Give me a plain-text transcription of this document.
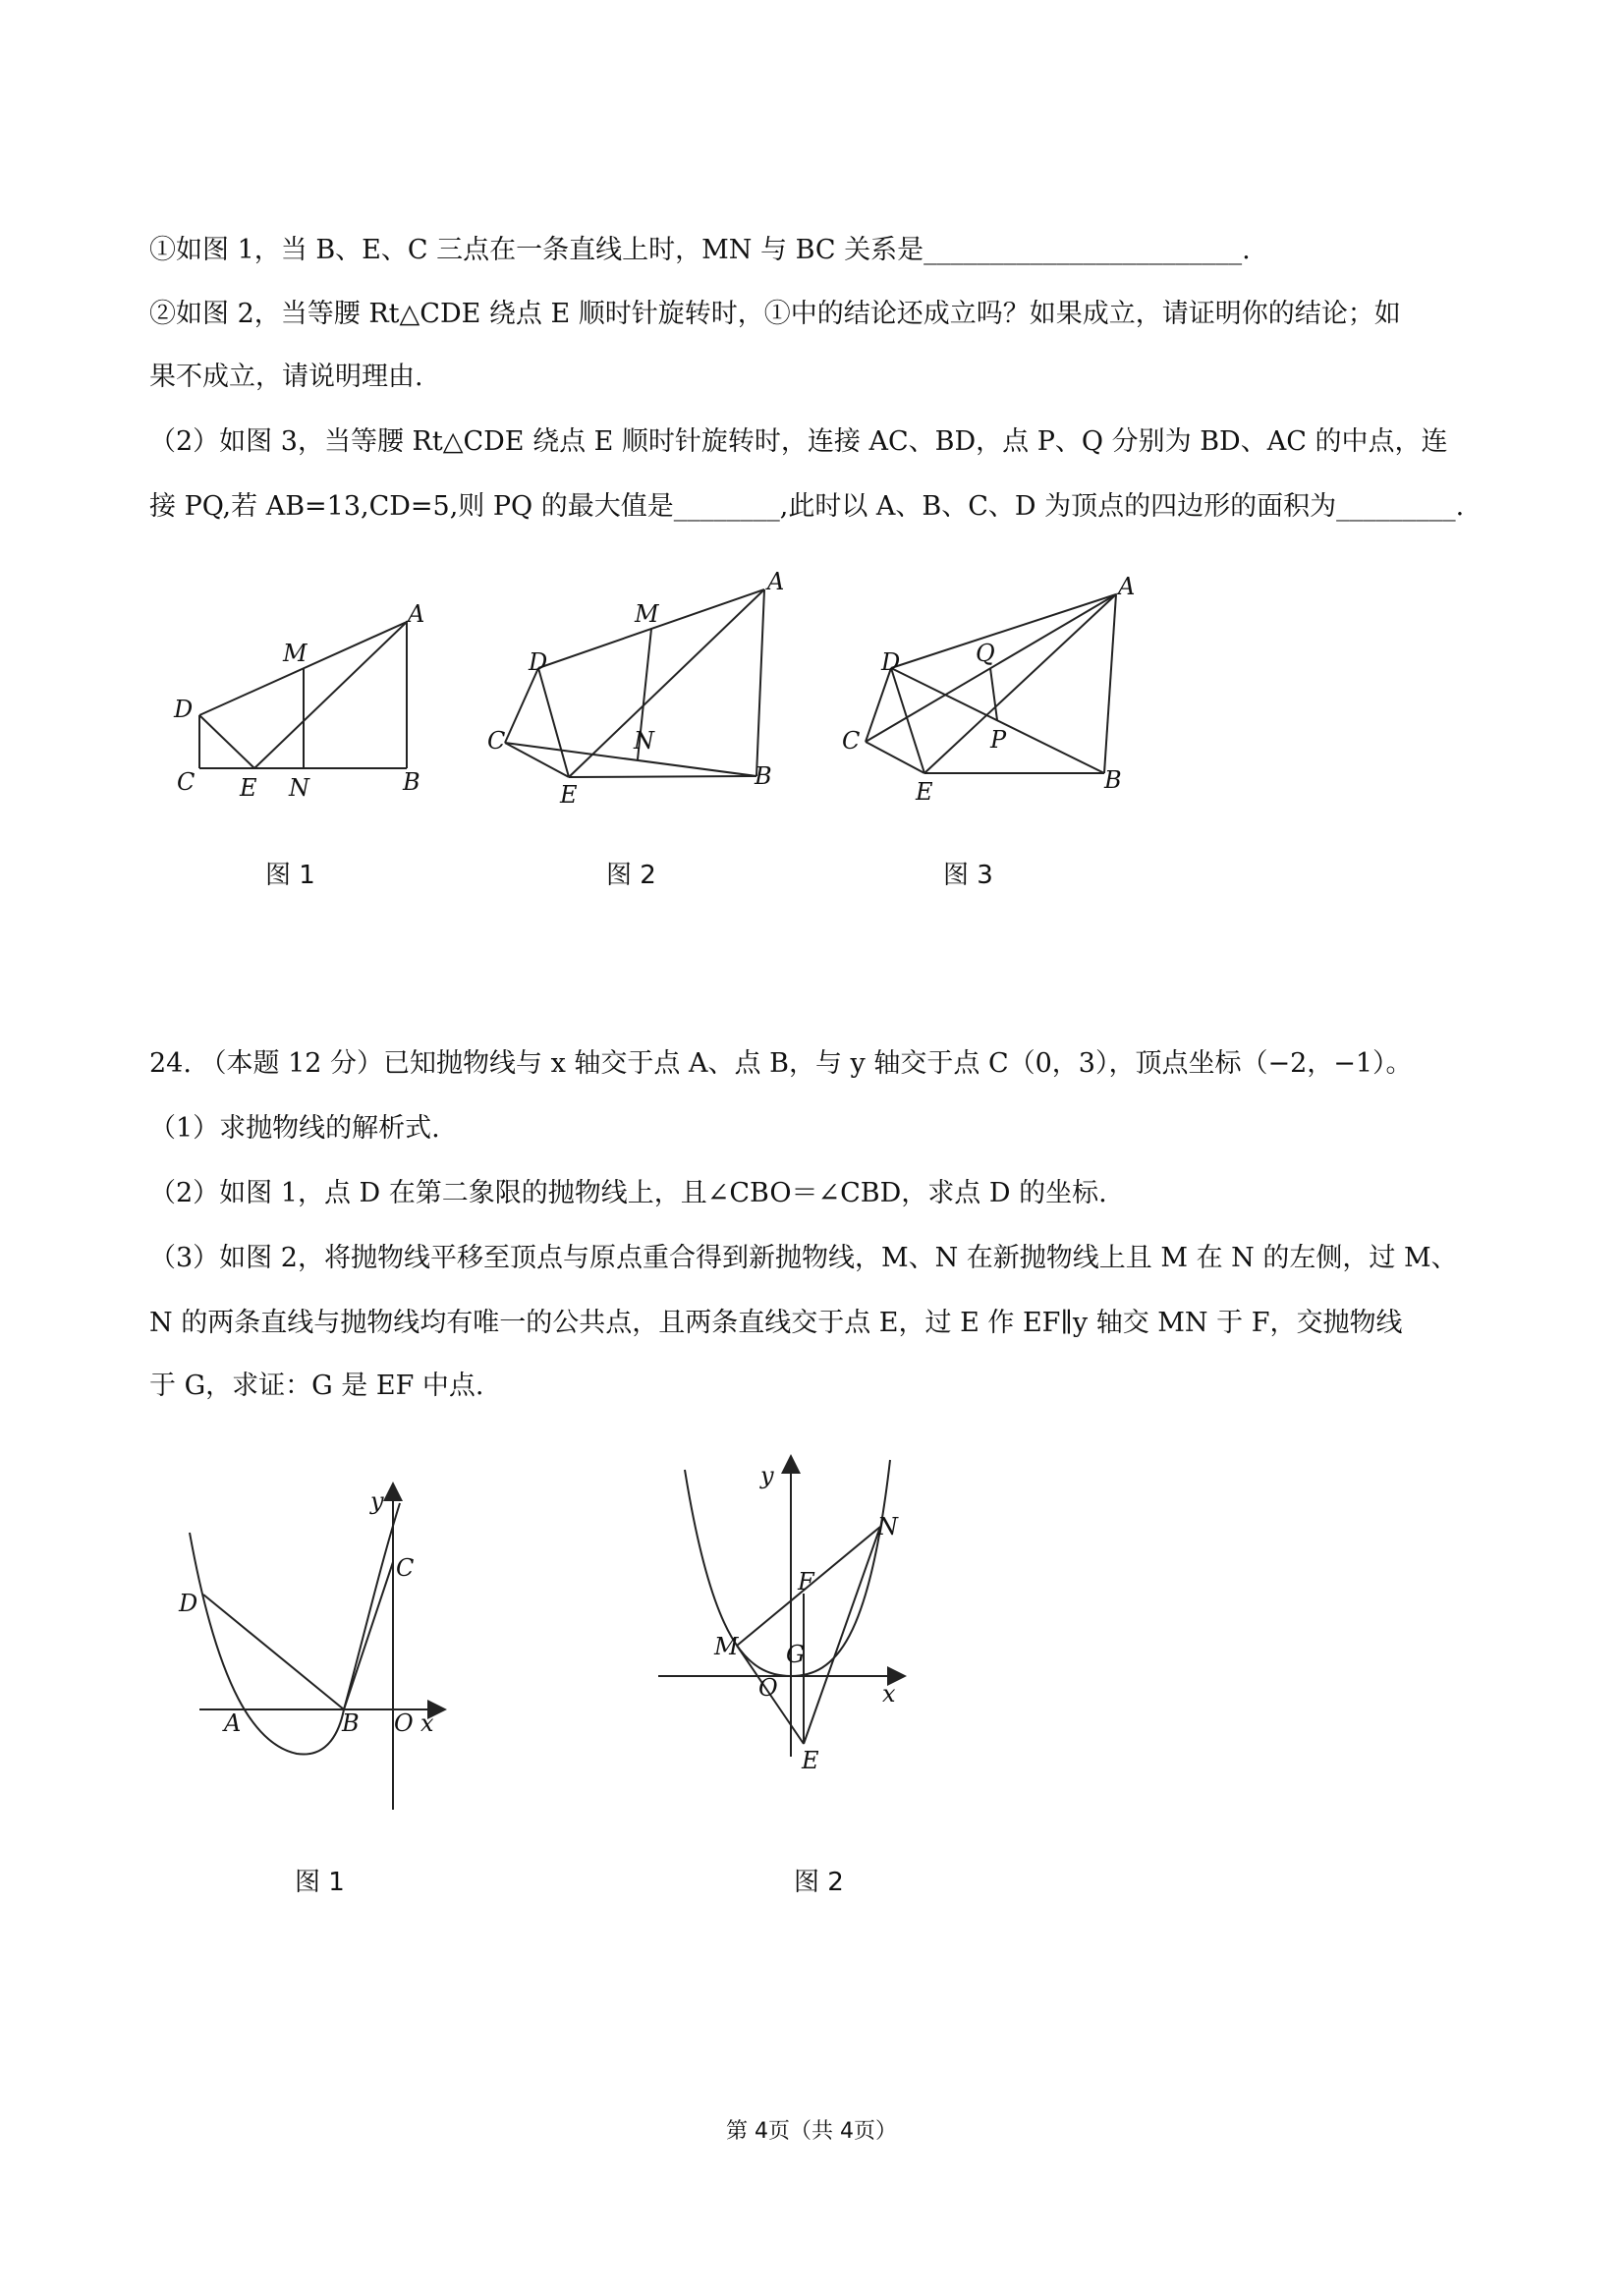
①如图 1，当 B、E、C 三点在一条直线上时，MN 与 BC 关系是________________________.
②如图 2，当等腰 Rt△CDE 绕点 E 顺时针旋转时，①中的结论还成立吗？如果成立，请证明你的结论；如
果不成立，请说明理由.
（2）如图 3，当等腰 Rt△CDE 绕点 E 顺时针旋转时，连接 AC、BD，点 P、Q 分别为 BD、AC 的中点，连
接 PQ,若 AB=13,CD=5,则 PQ 的最大值是________,此时以 A、B、C、D 为顶点的四边形的面积为_________.
A
M
D
C E N	B
A
M
D
C	N
E
B
A
Q
D
C	P
E	B
图 1	图 2	图 3
24. （本题 12 分）已知抛物线与 x 轴交于点 A、点 B，与 y 轴交于点 C（0，3），顶点坐标（−2，−1）。
（1）求抛物线的解析式.
（2）如图 1，点 D 在第二象限的抛物线上，且∠CBO＝∠CBD，求点 D 的坐标.
（3）如图 2，将抛物线平移至顶点与原点重合得到新抛物线，M、N 在新抛物线上且 M 在 N 的左侧，过 M、
N 的两条直线与抛物线均有唯一的公共点，且两条直线交于点 E，过 E 作 EF∥y 轴交 MN 于 F，交抛物线
于 G，求证：G 是 EF 中点.
y
C
D
A	B O x
y
N
F
M G
O	x
E
图 1	图 2
第 4页（共 4页）
